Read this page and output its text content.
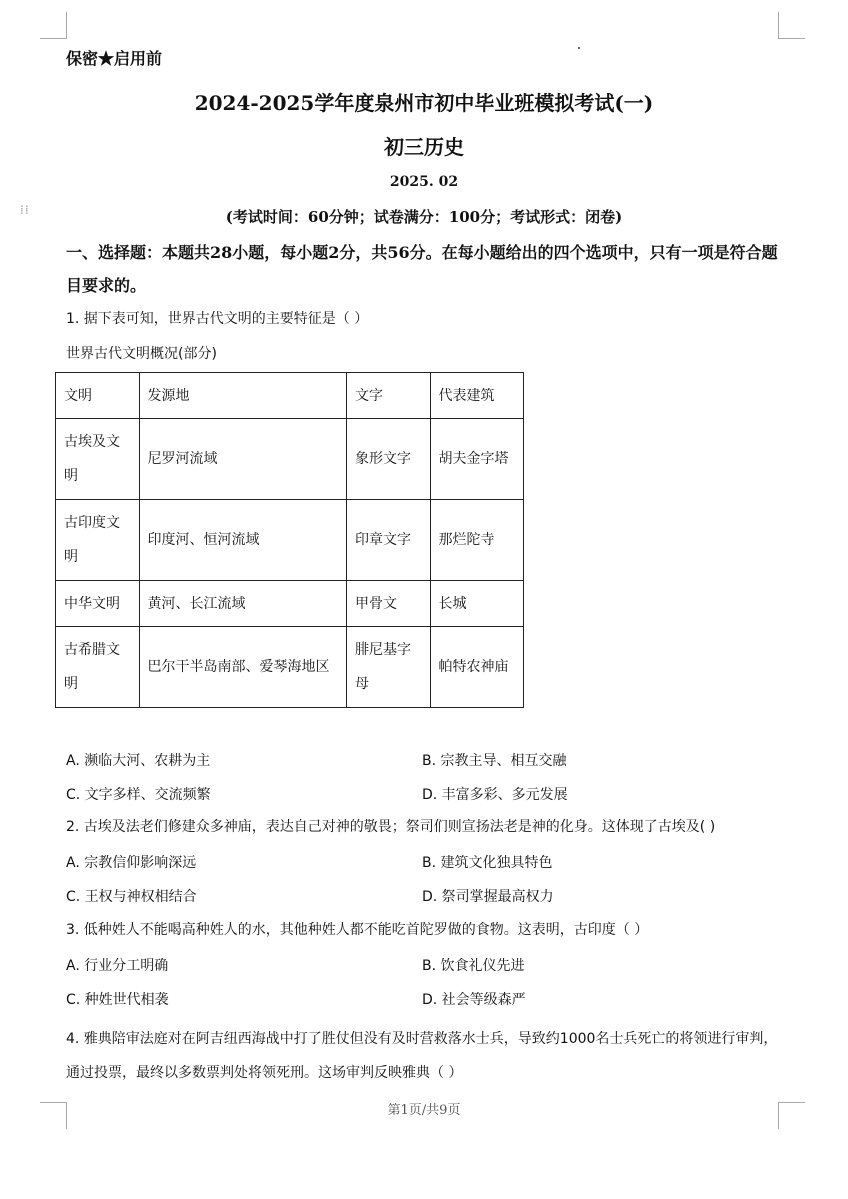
⁞⁞
保密★启用前
2024-2025学年度泉州市初中毕业班模拟考试(一)
初三历史
2025. 02
(考试时间：60分钟；试卷满分：100分；考试形式：闭卷)
一、选择题：本题共28小题，每小题2分，共56分。在每小题给出的四个选项中，只有一项是符合题目要求的。
1. 据下表可知，世界古代文明的主要特征是（ ）
世界古代文明概况(部分)
文明	发源地	文字	代表建筑
古埃及文明	尼罗河流域	象形文字	胡夫金字塔
古印度文明	印度河、恒河流域	印章文字	那烂陀寺
中华文明	黄河、长江流域	甲骨文	长城
古希腊文明	巴尔干半岛南部、爱琴海地区	腓尼基字母	帕特农神庙
A. 濒临大河、农耕为主	B. 宗教主导、相互交融
C. 文字多样、交流频繁	D. 丰富多彩、多元发展
2. 古埃及法老们修建众多神庙，表达自己对神的敬畏；祭司们则宣扬法老是神的化身。这体现了古埃及( )
A. 宗教信仰影响深远	B. 建筑文化独具特色
C. 王权与神权相结合	D. 祭司掌握最高权力
3. 低种姓人不能喝高种姓人的水，其他种姓人都不能吃首陀罗做的食物。这表明，古印度（ ）
A. 行业分工明确	B. 饮食礼仪先进
C. 种姓世代相袭	D. 社会等级森严
4. 雅典陪审法庭对在阿吉纽西海战中打了胜仗但没有及时营救落水士兵，导致约1000名士兵死亡的将领进行审判，通过投票，最终以多数票判处将领死刑。这场审判反映雅典（ ）
第1页/共9页
